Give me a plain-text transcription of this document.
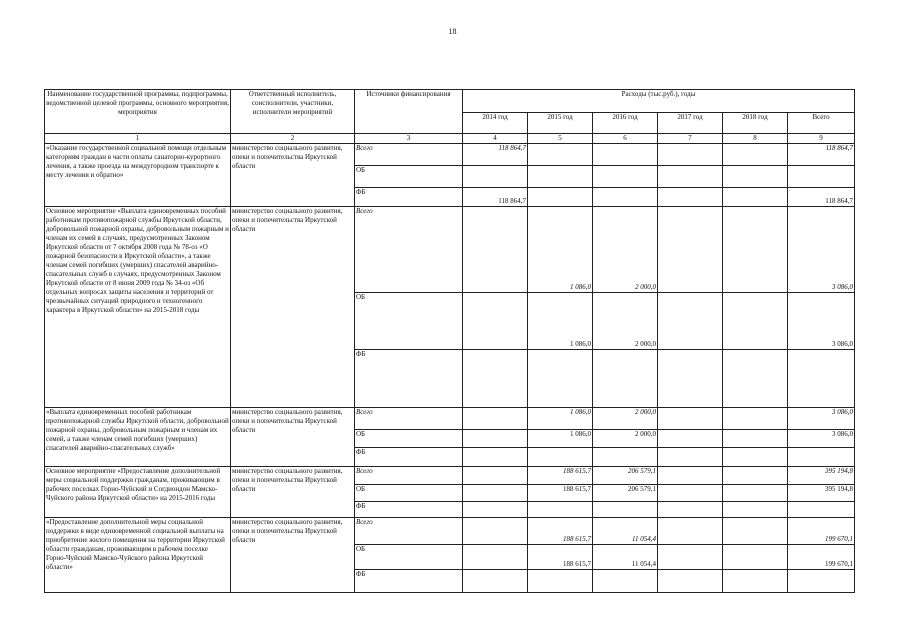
18
Наименование государственной программы, подпрограммы, ведомственной целевой программы, основного мероприятия, мероприятия	Ответственный исполнитель, соисполнители, участники, исполнители мероприятий	Источники финансирования	Расходы (тыс.руб.), годы					
			2014 год	2015 год	2016 год	2017 год	2018 год	Всего
1	2	3	4	5	6	7	8	9
«Оказание государственной социальной помощи отдельным категориям граждан в части оплаты санаторно-курортного лечения, а также проезда на междугородном транспорте к месту лечения и обратно»	министерство социального развития, опеки и попечительства Иркутской области	Всего	118 864,7					118 864,7
		ОБ						
		ФБ	118 864,7					118 864,7
Основное мероприятие «Выплата единовременных пособий работникам противопожарной службы Иркутской области, добровольной пожарной охраны, добровольным пожарным и членам их семей в случаях, предусмотренных Законом Иркутской области от 7 октября 2008 года № 78-оз «О пожарной безопасности в Иркутской области», а также членам семей погибших (умерших) спасателей аварийно-спасательных служб в случаях, предусмотренных Законом Иркутской области от 8 июня 2009 года № 34-оз «Об отдельных вопросах защиты населения и территорий от чрезвычайных ситуаций природного и техногенного характера в Иркутской области» на 2015-2018 годы	министерство социального развития, опеки и попечительства Иркутской области	Всего		1 086,0	2 000,0			3 086,0
		ОБ		1 086,0	2 000,0			3 086,0
		ФБ						
«Выплата единовременных пособий работникам противопожарной службы Иркутской области, добровольной пожарной охраны, добровольным пожарным и членам их семей, а также членам семей погибших (умерших) спасателей аварийно-спасательных служб»	министерство социального развития, опеки и попечительства Иркутской области	Всего		1 086,0	2 000,0			3 086,0
		ОБ		1 086,0	2 000,0			3 086,0
		ФБ						
Основное мероприятие «Предоставление дополнительной меры социальной поддержки гражданам, проживающим в рабочих поселках Горно-Чуйский и Согдиондон Мамско-Чуйского района Иркутской области» на 2015-2016 годы	министерство социального развития, опеки и попечительства Иркутской области	Всего		188 615,7	206 579,1			395 194,8
		ОБ		188 615,7	206 579,1			395 194,8
		ФБ						
«Предоставление дополнительной меры социальной поддержки в виде единовременной социальной выплаты на приобретение жилого помещения на территории Иркутской области гражданам, проживающим в рабочем поселке Горно-Чуйский Мамско-Чуйского района Иркутской области»	министерство социального развития, опеки и попечительства Иркутской области	Всего		188 615,7	11 054,4			199 670,1
		ОБ		188 615,7	11 054,4			199 670,1
		ФБ						
